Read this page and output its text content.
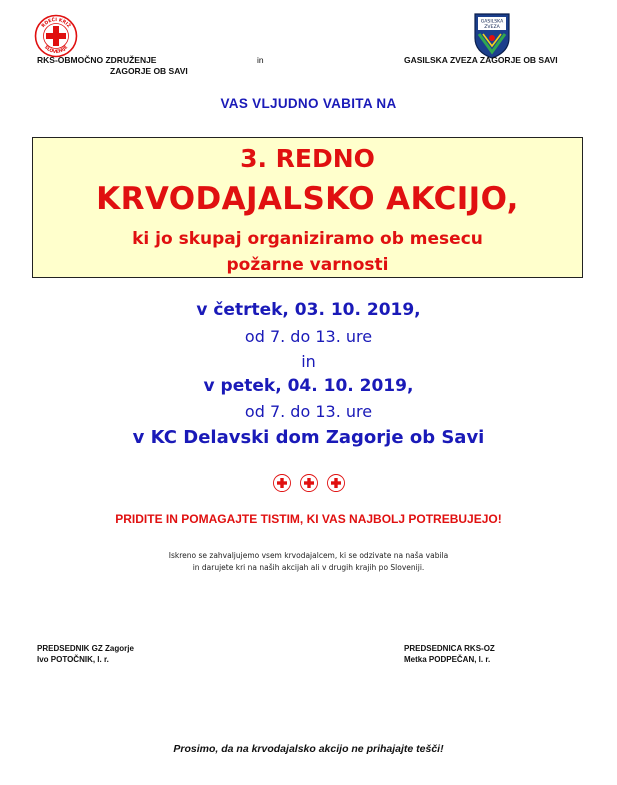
RDEČI KRIŽ
SLOVENIJE
GASILSKA
ZVEZA
RKS-OBMOČNO ZDRUŽENJE
ZAGORJE OB SAVI
in	GASILSKA ZVEZA ZAGORJE OB SAVI
VAS VLJUDNO VABITA NA
3. REDNO
KRVODAJALSKO AKCIJO,
ki jo skupaj organiziramo ob mesecu
požarne varnosti
v četrtek, 03. 10. 2019,
od 7. do 13. ure
in
v petek, 04. 10. 2019,
od 7. do 13. ure
v KC Delavski dom Zagorje ob Savi
PRIDITE IN POMAGAJTE TISTIM, KI VAS NAJBOLJ POTREBUJEJO!
Iskreno se zahvaljujemo vsem krvodajalcem, ki se odzivate na naša vabila
in darujete kri na naših akcijah ali v drugih krajih po Sloveniji.
PREDSEDNIK GZ Zagorje
Ivo POTOČNIK, l. r.
PREDSEDNICA RKS-OZ
Metka PODPEČAN, l. r.
Prosimo, da na krvodajalsko akcijo ne prihajajte tešči!
